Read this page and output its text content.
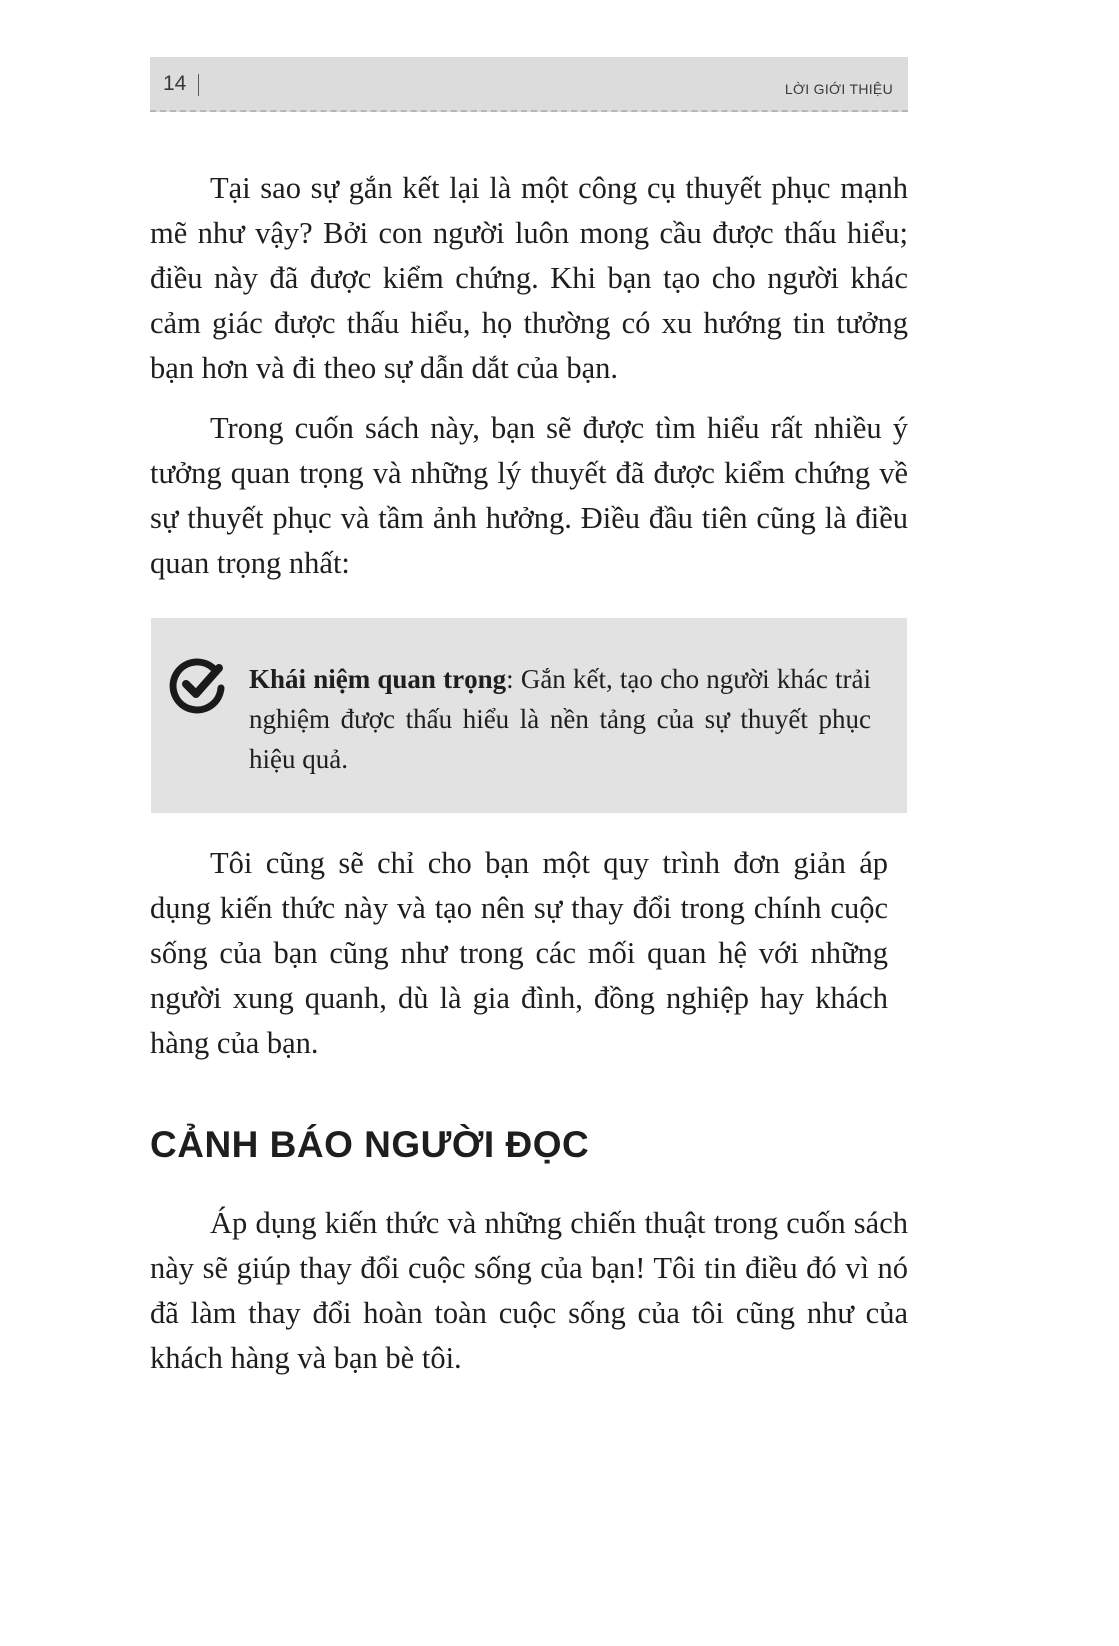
14	LỜI GIỚI THIỆU

Tại sao sự gắn kết lại là một công cụ thuyết phục mạnh mẽ như vậy? Bởi con người luôn mong cầu được thấu hiểu; điều này đã được kiểm chứng. Khi bạn tạo cho người khác cảm giác được thấu hiểu, họ thường có xu hướng tin tưởng bạn hơn và đi theo sự dẫn dắt của bạn.

Trong cuốn sách này, bạn sẽ được tìm hiểu rất nhiều ý tưởng quan trọng và những lý thuyết đã được kiểm chứng về sự thuyết phục và tầm ảnh hưởng. Điều đầu tiên cũng là điều quan trọng nhất:

Khái niệm quan trọng: Gắn kết, tạo cho người khác trải nghiệm được thấu hiểu là nền tảng của sự thuyết phục hiệu quả.

Tôi cũng sẽ chỉ cho bạn một quy trình đơn giản áp dụng kiến thức này và tạo nên sự thay đổi trong chính cuộc sống của bạn cũng như trong các mối quan hệ với những người xung quanh, dù là gia đình, đồng nghiệp hay khách hàng của bạn.

CẢNH BÁO NGƯỜI ĐỌC

Áp dụng kiến thức và những chiến thuật trong cuốn sách này sẽ giúp thay đổi cuộc sống của bạn! Tôi tin điều đó vì nó đã làm thay đổi hoàn toàn cuộc sống của tôi cũng như của khách hàng và bạn bè tôi.
